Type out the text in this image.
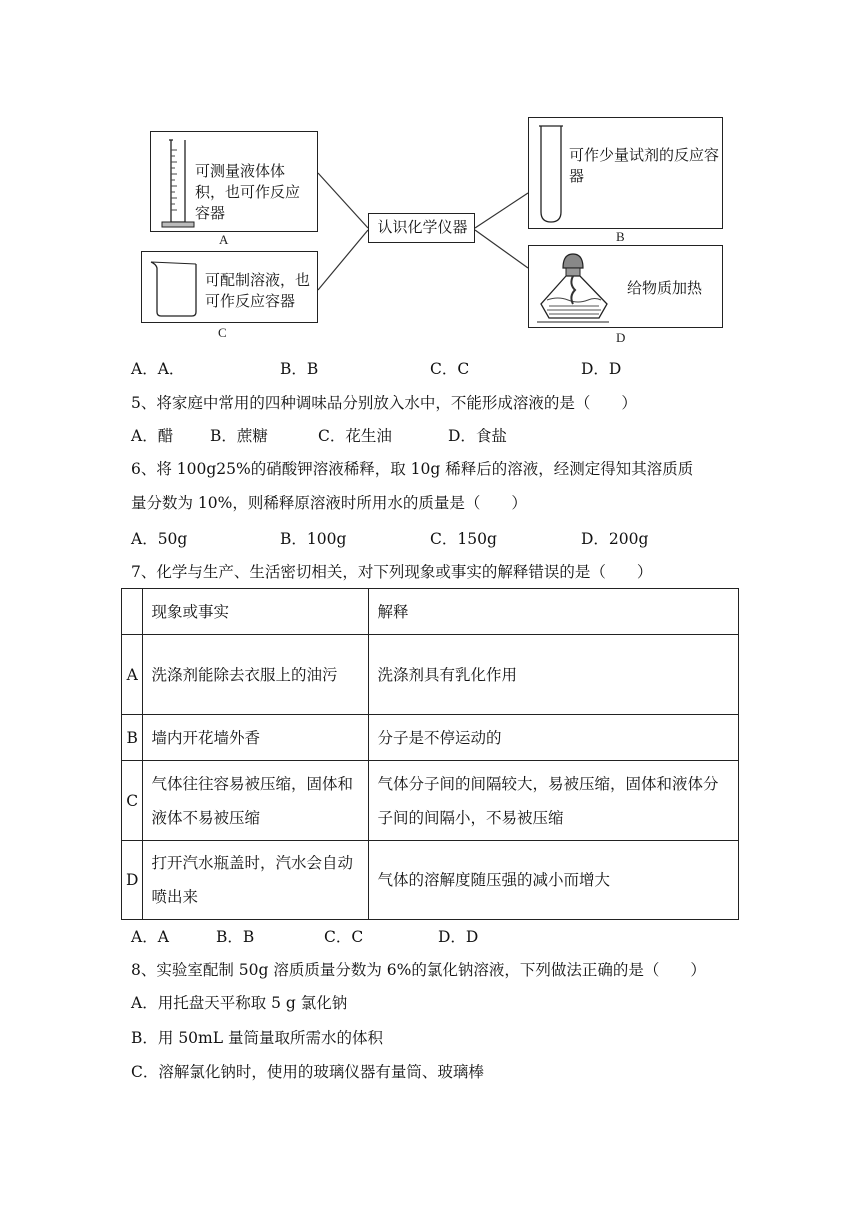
可测量液体体积，也可作反应容器
A
可配制溶液，也可作反应容器
C
认识化学仪器
可作少量试剂的反应容器
B
给物质加热
D
A．A．	B．B	C．C	D．D
5、将家庭中常用的四种调味品分别放入水中，不能形成溶液的是（　　）
A．醋 B．蔗糖	C．花生油	D．食盐
6、将 100g25%的硝酸钾溶液稀释，取 10g 稀释后的溶液，经测定得知其溶质质
量分数为 10%，则稀释原溶液时所用水的质量是（　　）
A．50g	B．100g	C．150g	D．200g
7、化学与生产、生活密切相关，对下列现象或事实的解释错误的是（　　）
	现象或事实	解释
A	洗涤剂能除去衣服上的油污	洗涤剂具有乳化作用
B	墙内开花墙外香	分子是不停运动的
C	气体往往容易被压缩，固体和液体不易被压缩	气体分子间的间隔较大，易被压缩，固体和液体分子间的间隔小，不易被压缩
D	打开汽水瓶盖时，汽水会自动喷出来	气体的溶解度随压强的减小而增大
A．A	B．B	C．C	D．D
8、实验室配制 50g 溶质质量分数为 6%的氯化钠溶液，下列做法正确的是（　　）
A．用托盘天平称取 5 g 氯化钠
B．用 50mL 量筒量取所需水的体积
C．溶解氯化钠时，使用的玻璃仪器有量筒、玻璃棒
